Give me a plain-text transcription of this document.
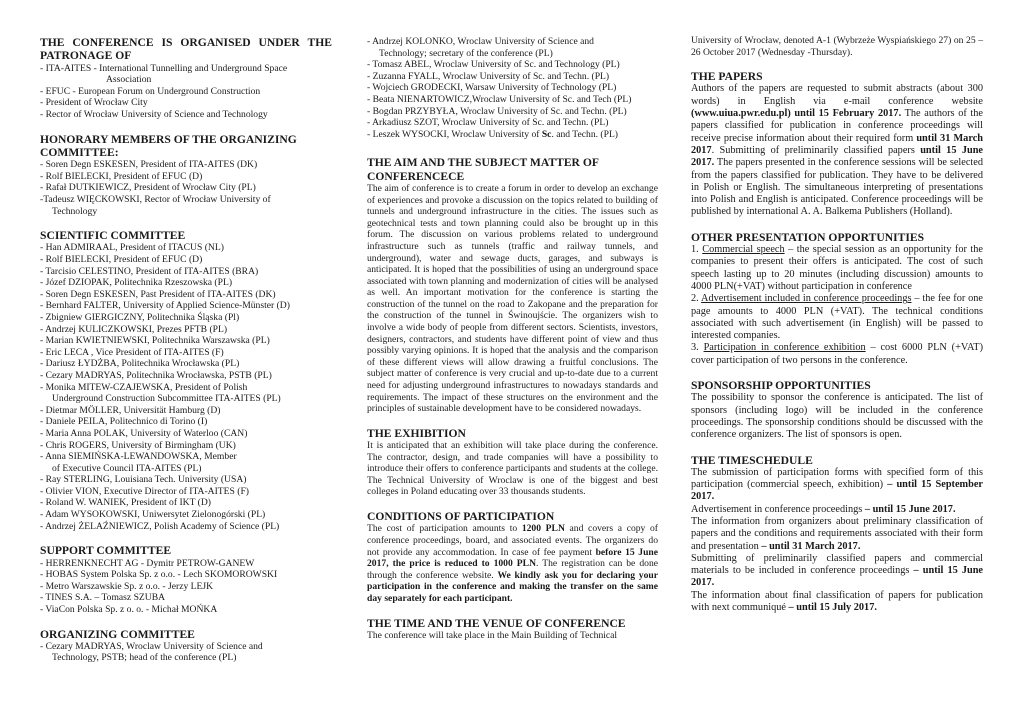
THE CONFERENCE IS ORGANISED UNDER THE PATRONAGE OF

- ITA-AITES - International Tunnelling and Underground Space
Association
- EFUC - European Forum on Underground Construction
- President of Wrocław City
- Rector of Wrocław University of Science and Technology

HONORARY MEMBERS OF THE ORGANIZING COMMITTEE:

- Soren Degn ESKESEN, President of ITA-AITES (DK)
- Rolf BIELECKI, President of EFUC (D)
- Rafał DUTKIEWICZ, President of Wrocław City (PL)
-Tadeusz WIĘCKOWSKI, Rector of Wrocław University of
Technology

SCIENTIFIC COMMITTEE

- Han ADMIRAAL, President of ITACUS (NL)
- Rolf BIELECKI, President of EFUC (D)
- Tarcisio CELESTINO, President of ITA-AITES (BRA)
- Józef DZIOPAK, Politechnika Rzeszowska (PL)
- Soren Degn ESKESEN, Past President of ITA-AITES (DK)
- Bernhard FALTER, University of Applied Science-Münster (D)
- Zbigniew GIERGICZNY, Politechnika Śląska (Pl)
- Andrzej KULICZKOWSKI, Prezes PFTB (PL)
- Marian KWIETNIEWSKI, Politechnika Warszawska (PL)
- Eric LECA , Vice President of ITA-AITES (F)
- Dariusz ŁYDŻBA, Politechnika Wrocławska (PL)
- Cezary MADRYAS, Politechnika Wrocławska, PSTB (PL)
- Monika MITEW-CZAJEWSKA, President of Polish
Underground Construction Subcommittee ITA-AITES (PL)
- Dietmar MÖLLER, Universität Hamburg (D)
- Daniele PEILA, Politechnico di Torino (I)
- Maria Anna POLAK, University of Waterloo (CAN)
- Chris ROGERS, University of Birmingham (UK)
- Anna SIEMIŃSKA-LEWANDOWSKA, Member
of Executive Council ITA-AITES (PL)
- Ray STERLING, Louisiana Tech. University (USA)
- Olivier VION, Executive Director of ITA-AITES (F)
- Roland W. WANIEK, President of IKT (D)
- Adam WYSOKOWSKI, Uniwersytet Zielonogórski (PL)
- Andrzej ŻELAŹNIEWICZ, Polish Academy of Science (PL)

SUPPORT COMMITTEE

- HERRENKNECHT AG - Dymitr PETROW-GANEW
- HOBAS System Polska Sp. z o.o. - Lech SKOMOROWSKI
- Metro Warszawskie Sp. z o.o. - Jerzy LEJK
- TINES S.A. – Tomasz SZUBA
- ViaCon Polska Sp. z o. o. - Michał MOŃKA

ORGANIZING COMMITTEE

- Cezary MADRYAS, Wroclaw University of Science and
Technology, PSTB; head of the conference (PL)
- Andrzej KOLONKO, Wroclaw University of Science and
Technology; secretary of the conference (PL)
- Tomasz ABEL, Wroclaw University of Sc. and Technology (PL)
- Zuzanna FYALL, Wroclaw University of Sc. and Techn. (PL)
- Wojciech GRODECKI, Warsaw University of Technology (PL)
- Beata NIENARTOWICZ,Wroclaw University of Sc. and Tech (PL)
- Bogdan PRZYBYŁA, Wroclaw University of Sc. and Techn. (PL)
- Arkadiusz SZOT, Wroclaw University of Sc. and Techn. (PL)
- Leszek WYSOCKI, Wroclaw University of Sc. and Techn. (PL)

THE AIM AND THE SUBJECT MATTER OF CONFERENCECE

The aim of conference is to create a forum in order to develop an exchange of experiences and provoke a discussion on the topics related to building of tunnels and underground infrastructure in the cities. The issues such as geotechnical tests and town planning could also be brought up in this forum. The discussion on various problems related to underground infrastructure such as tunnels (traffic and railway tunnels, and underground), water and sewage ducts, garages, and subways is anticipated. It is hoped that the possibilities of using an underground space associated with town planning and modernization of cities will be analysed as well. An important motivation for the conference is starting the construction of the tunnel on the road to Zakopane and the preparation for the construction of the tunnel in Świnoujście. The organizers wish to involve a wide body of people from different sectors. Scientists, investors, designers, contractors, and students have different point of view and thus possibly varying opinions. It is hoped that the analysis and the comparison of these different views will allow drawing a fruitful conclusions. The subject matter of conference is very crucial and up-to-date due to a current need for adjusting underground infrastructures to nowadays standards and requirements. The impact of these structures on the environment and the principles of sustainable development have to be considered nowadays.

THE EXHIBITION

It is anticipated that an exhibition will take place during the conference. The contractor, design, and trade companies will have a possibility to introduce their offers to conference participants and students at the college. The Technical University of Wroclaw is one of the biggest and best colleges in Poland educating over 33 thousands students.

CONDITIONS OF PARTICIPATION

The cost of participation amounts to 1200 PLN and covers a copy of conference proceedings, board, and associated events. The organizers do not provide any accommodation. In case of fee payment before 15 June 2017, the price is reduced to 1000 PLN. The registration can be done through the conference website. We kindly ask you for declaring your participation in the conference and making the transfer on the same day separately for each participant.

THE TIME AND THE VENUE OF CONFERENCE

The conference will take place in the Main Building of Technical

University of Wrocław, denoted A-1 (Wybrzeże Wyspiańskiego 27) on 25 – 26 October 2017 (Wednesday -Thursday).

THE PAPERS

Authors of the papers are requested to submit abstracts (about 300 words) in English via e-mail conference website (www.uiua.pwr.edu.pl) until 15 February 2017. The authors of the papers classified for publication in conference proceedings will receive precise information about their required form until 31 March 2017. Submitting of preliminarily classified papers until 15 June 2017. The papers presented in the conference sessions will be selected from the papers classified for publication. They have to be delivered in Polish or English. The simultaneous interpreting of presentations into Polish and English is anticipated. Conference proceedings will be published by international A. A. Balkema Publishers (Holland).

OTHER PRESENTATION OPPORTUNITIES

1. Commercial speech – the special session as an opportunity for the companies to present their offers is anticipated. The cost of such speech lasting up to 20 minutes (including discussion) amounts to 4000 PLN(+VAT) without participation in conference

2. Advertisement included in conference proceedings – the fee for one page amounts to 4000 PLN (+VAT). The technical conditions associated with such advertisement (in English) will be passed to interested companies.

3. Participation in conference exhibition – cost 6000 PLN (+VAT) cover participation of two persons in the conference.

SPONSORSHIP OPPORTUNITIES

The possibility to sponsor the conference is anticipated. The list of sponsors (including logo) will be included in the conference proceedings. The sponsorship conditions should be discussed with the conference organizers. The list of sponsors is open.

THE TIMESCHEDULE

The submission of participation forms with specified form of this participation (commercial speech, exhibition) – until 15 September 2017.

Advertisement in conference proceedings – until 15 June 2017.

The information from organizers about preliminary classification of papers and the conditions and requirements associated with their form and presentation – until 31 March 2017.

Submitting of preliminarily classified papers and commercial materials to be included in conference proceedings – until 15 June 2017.

The information about final classification of papers for publication with next communiqué – until 15 July 2017.
